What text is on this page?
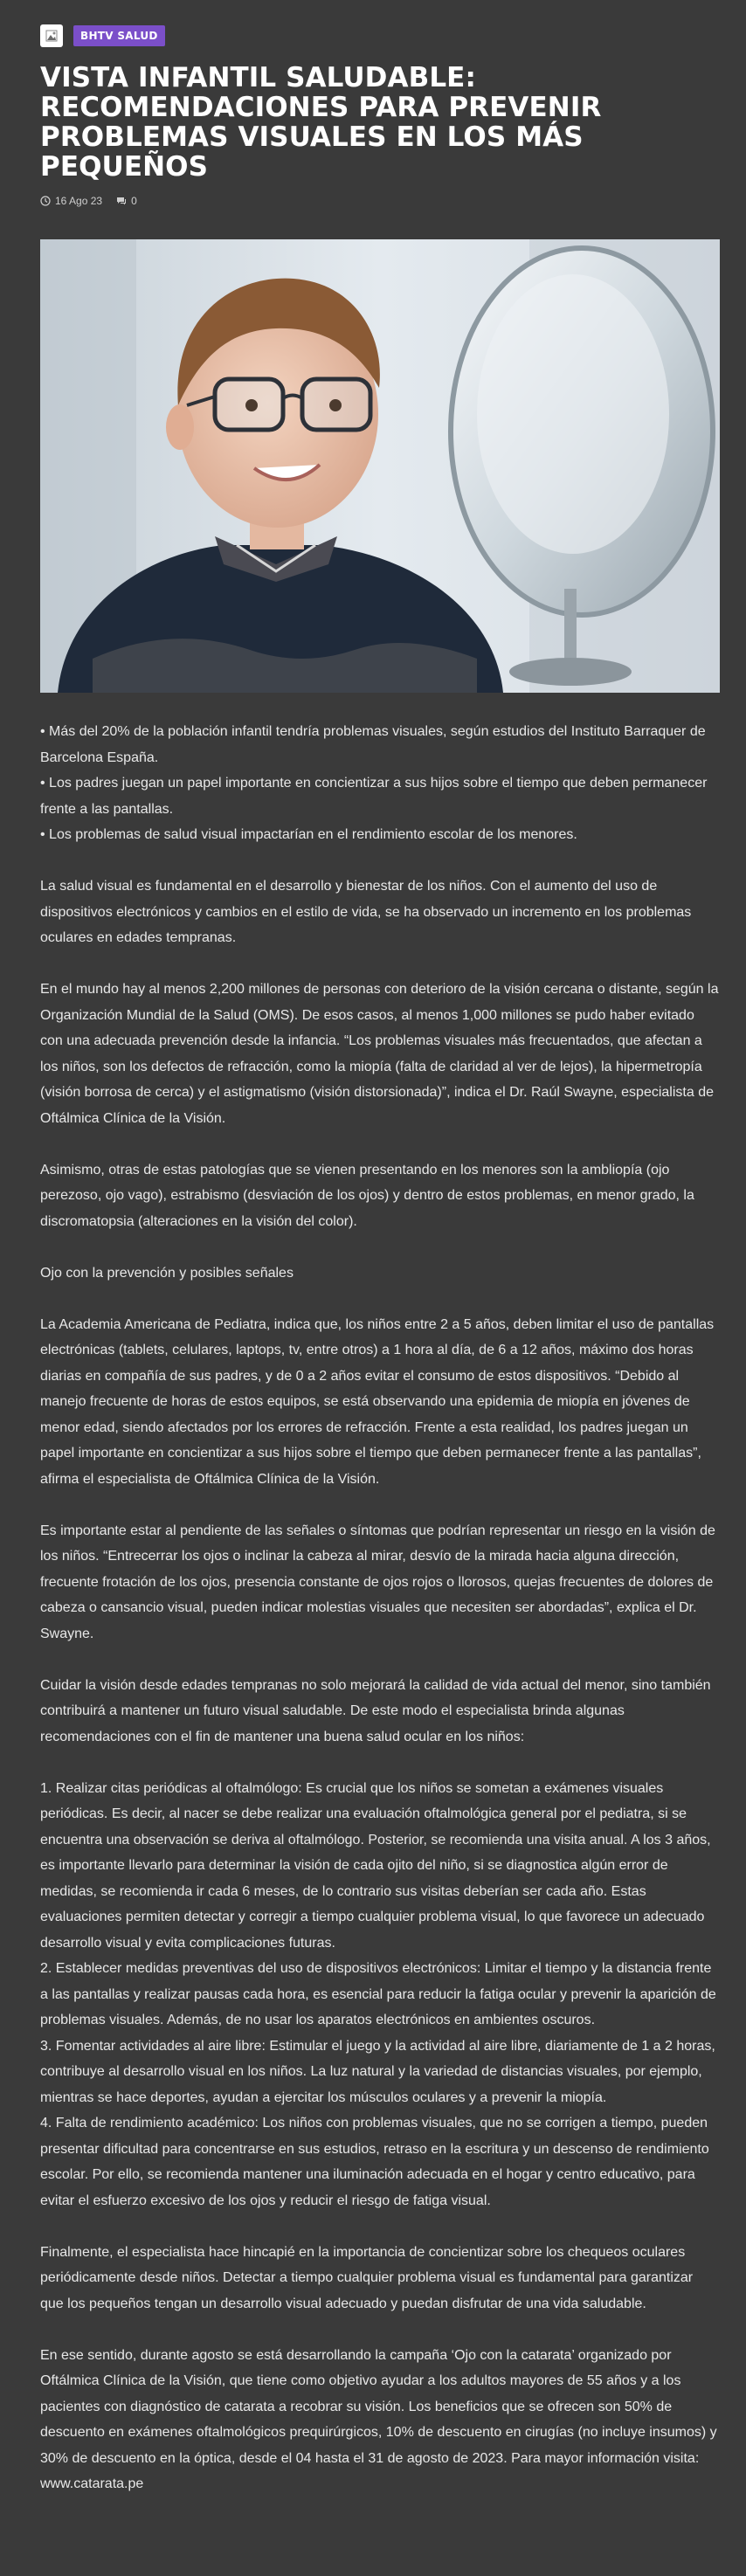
BHTV SALUD
VISTA INFANTIL SALUDABLE: RECOMENDACIONES PARA PREVENIR PROBLEMAS VISUALES EN LOS MÁS PEQUEÑOS
16 Ago 23	0

• Más del 20% de la población infantil tendría problemas visuales, según estudios del Instituto Barraquer de Barcelona España.
• Los padres juegan un papel importante en concientizar a sus hijos sobre el tiempo que deben permanecer frente a las pantallas.
• Los problemas de salud visual impactarían en el rendimiento escolar de los menores.

La salud visual es fundamental en el desarrollo y bienestar de los niños. Con el aumento del uso de dispositivos electrónicos y cambios en el estilo de vida, se ha observado un incremento en los problemas oculares en edades tempranas.

En el mundo hay al menos 2,200 millones de personas con deterioro de la visión cercana o distante, según la Organización Mundial de la Salud (OMS). De esos casos, al menos 1,000 millones se pudo haber evitado con una adecuada prevención desde la infancia. “Los problemas visuales más frecuentados, que afectan a los niños, son los defectos de refracción, como la miopía (falta de claridad al ver de lejos), la hipermetropía (visión borrosa de cerca) y el astigmatismo (visión distorsionada)”, indica el Dr. Raúl Swayne, especialista de Oftálmica Clínica de la Visión.

Asimismo, otras de estas patologías que se vienen presentando en los menores son la ambliopía (ojo perezoso, ojo vago), estrabismo (desviación de los ojos) y dentro de estos problemas, en menor grado, la discromatopsia (alteraciones en la visión del color).

Ojo con la prevención y posibles señales

La Academia Americana de Pediatra, indica que, los niños entre 2 a 5 años, deben limitar el uso de pantallas electrónicas (tablets, celulares, laptops, tv, entre otros) a 1 hora al día, de 6 a 12 años, máximo dos horas diarias en compañía de sus padres, y de 0 a 2 años evitar el consumo de estos dispositivos. “Debido al manejo frecuente de horas de estos equipos, se está observando una epidemia de miopía en jóvenes de menor edad, siendo afectados por los errores de refracción. Frente a esta realidad, los padres juegan un papel importante en concientizar a sus hijos sobre el tiempo que deben permanecer frente a las pantallas”, afirma el especialista de Oftálmica Clínica de la Visión.

Es importante estar al pendiente de las señales o síntomas que podrían representar un riesgo en la visión de los niños. “Entrecerrar los ojos o inclinar la cabeza al mirar, desvío de la mirada hacia alguna dirección, frecuente frotación de los ojos, presencia constante de ojos rojos o llorosos, quejas frecuentes de dolores de cabeza o cansancio visual, pueden indicar molestias visuales que necesiten ser abordadas”, explica el Dr. Swayne.

Cuidar la visión desde edades tempranas no solo mejorará la calidad de vida actual del menor, sino también contribuirá a mantener un futuro visual saludable. De este modo el especialista brinda algunas recomendaciones con el fin de mantener una buena salud ocular en los niños:

1. Realizar citas periódicas al oftalmólogo: Es crucial que los niños se sometan a exámenes visuales periódicas. Es decir, al nacer se debe realizar una evaluación oftalmológica general por el pediatra, si se encuentra una observación se deriva al oftalmólogo. Posterior, se recomienda una visita anual. A los 3 años, es importante llevarlo para determinar la visión de cada ojito del niño, si se diagnostica algún error de medidas, se recomienda ir cada 6 meses, de lo contrario sus visitas deberían ser cada año. Estas evaluaciones permiten detectar y corregir a tiempo cualquier problema visual, lo que favorece un adecuado desarrollo visual y evita complicaciones futuras.
2. Establecer medidas preventivas del uso de dispositivos electrónicos: Limitar el tiempo y la distancia frente a las pantallas y realizar pausas cada hora, es esencial para reducir la fatiga ocular y prevenir la aparición de problemas visuales. Además, de no usar los aparatos electrónicos en ambientes oscuros.
3. Fomentar actividades al aire libre: Estimular el juego y la actividad al aire libre, diariamente de 1 a 2 horas, contribuye al desarrollo visual en los niños. La luz natural y la variedad de distancias visuales, por ejemplo, mientras se hace deportes, ayudan a ejercitar los músculos oculares y a prevenir la miopía.
4. Falta de rendimiento académico: Los niños con problemas visuales, que no se corrigen a tiempo, pueden presentar dificultad para concentrarse en sus estudios, retraso en la escritura y un descenso de rendimiento escolar. Por ello, se recomienda mantener una iluminación adecuada en el hogar y centro educativo, para evitar el esfuerzo excesivo de los ojos y reducir el riesgo de fatiga visual.

Finalmente, el especialista hace hincapié en la importancia de concientizar sobre los chequeos oculares periódicamente desde niños. Detectar a tiempo cualquier problema visual es fundamental para garantizar que los pequeños tengan un desarrollo visual adecuado y puedan disfrutar de una vida saludable.

En ese sentido, durante agosto se está desarrollando la campaña ‘Ojo con la catarata’ organizado por Oftálmica Clínica de la Visión, que tiene como objetivo ayudar a los adultos mayores de 55 años y a los pacientes con diagnóstico de catarata a recobrar su visión. Los beneficios que se ofrecen son 50% de descuento en exámenes oftalmológicos prequirúrgicos, 10% de descuento en cirugías (no incluye insumos) y 30% de descuento en la óptica, desde el 04 hasta el 31 de agosto de 2023. Para mayor información visita: www.catarata.pe
